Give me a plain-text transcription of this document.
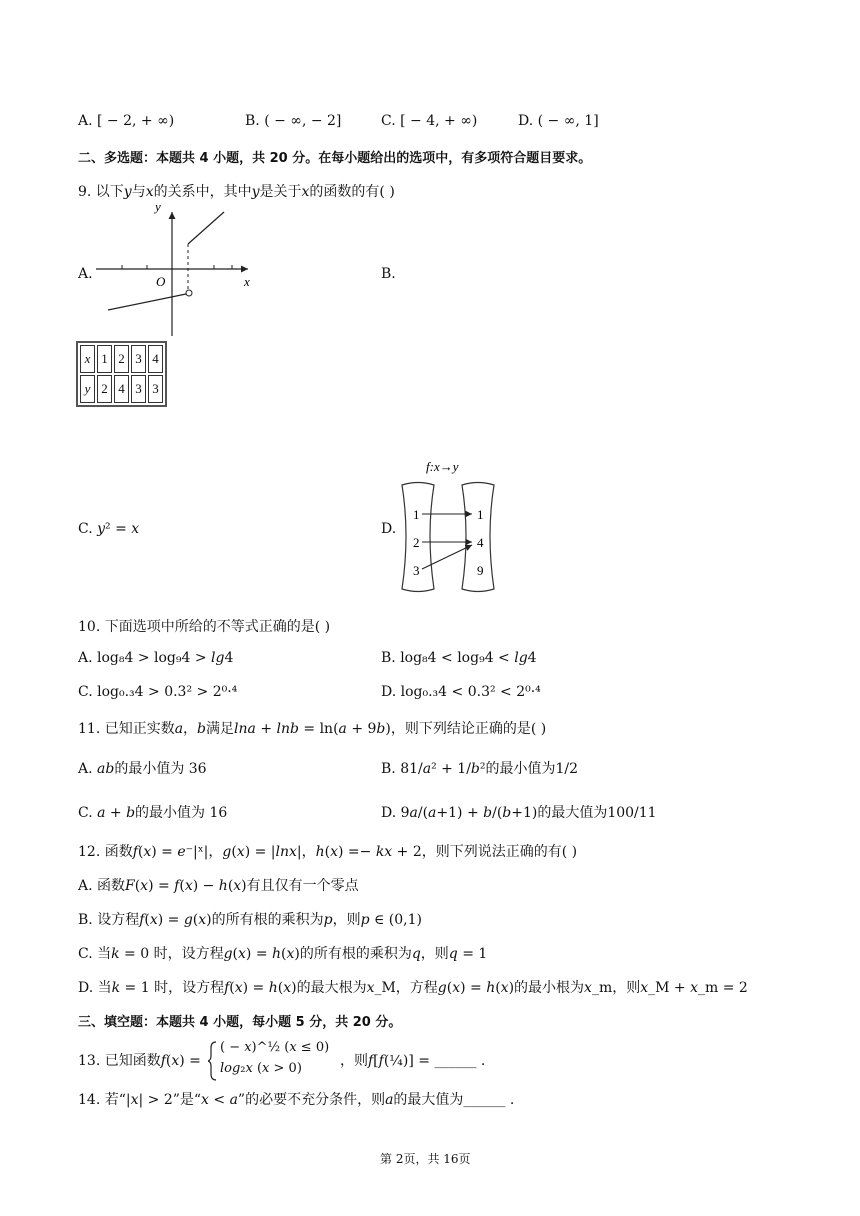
A. [ − 2, + ∞)	B. ( − ∞, − 2]	C. [ − 4, + ∞)	D. ( − ∞, 1]
二、多选题：本题共 4 小题，共 20 分。在每小题给出的选项中，有多项符合题目要求。
9. 以下𝑦与𝑥的关系中，其中𝑦是关于𝑥的函数的有( )
A.	B.
y
x
O
x	1	2	3	4
y	2	4	3	3
C. 𝑦² = 𝑥	D.
f:x→y
1
2
3
1
4
9
10. 下面选项中所给的不等式正确的是( )
A. log₈4 > log₉4 > 𝑙𝑔4	B. log₈4 < log₉4 < 𝑙𝑔4
C. log₀.₃4 > 0.3² > 2⁰·⁴	D. log₀.₃4 < 0.3² < 2⁰·⁴
11. 已知正实数𝑎，𝑏满足𝑙𝑛𝑎 + 𝑙𝑛𝑏 = ln(𝑎 + 9𝑏)，则下列结论正确的是( )
A. 𝑎𝑏的最小值为 36	B. 81/𝑎² + 1/𝑏²的最小值为1/2
C. 𝑎 + 𝑏的最小值为 16	D. 9𝑎/(𝑎+1) + 𝑏/(𝑏+1)的最大值为100/11
12. 函数𝑓(𝑥) = 𝑒⁻|ˣ|，𝑔(𝑥) = |𝑙𝑛𝑥|，ℎ(𝑥) =− 𝑘𝑥 + 2，则下列说法正确的有( )
A. 函数𝐹(𝑥) = 𝑓(𝑥) − ℎ(𝑥)有且仅有一个零点
B. 设方程𝑓(𝑥) = 𝑔(𝑥)的所有根的乘积为𝑝，则𝑝 ∈ (0,1)
C. 当𝑘 = 0 时，设方程𝑔(𝑥) = ℎ(𝑥)的所有根的乘积为𝑞，则𝑞 = 1
D. 当𝑘 = 1 时，设方程𝑓(𝑥) = ℎ(𝑥)的最大根为𝑥_M，方程𝑔(𝑥) = ℎ(𝑥)的最小根为𝑥_m，则𝑥_M + 𝑥_m = 2
三、填空题：本题共 4 小题，每小题 5 分，共 20 分。
13. 已知函数𝑓(𝑥) =
( − 𝑥)^½ (𝑥 ≤ 0)
𝑙𝑜𝑔₂𝑥 (𝑥 > 0)	，则𝑓[𝑓(¼)] = ______ .
14. 若“|𝑥| > 2”是“𝑥 < 𝑎”的必要不充分条件，则𝑎的最大值为______ .
第 2页，共 16页
